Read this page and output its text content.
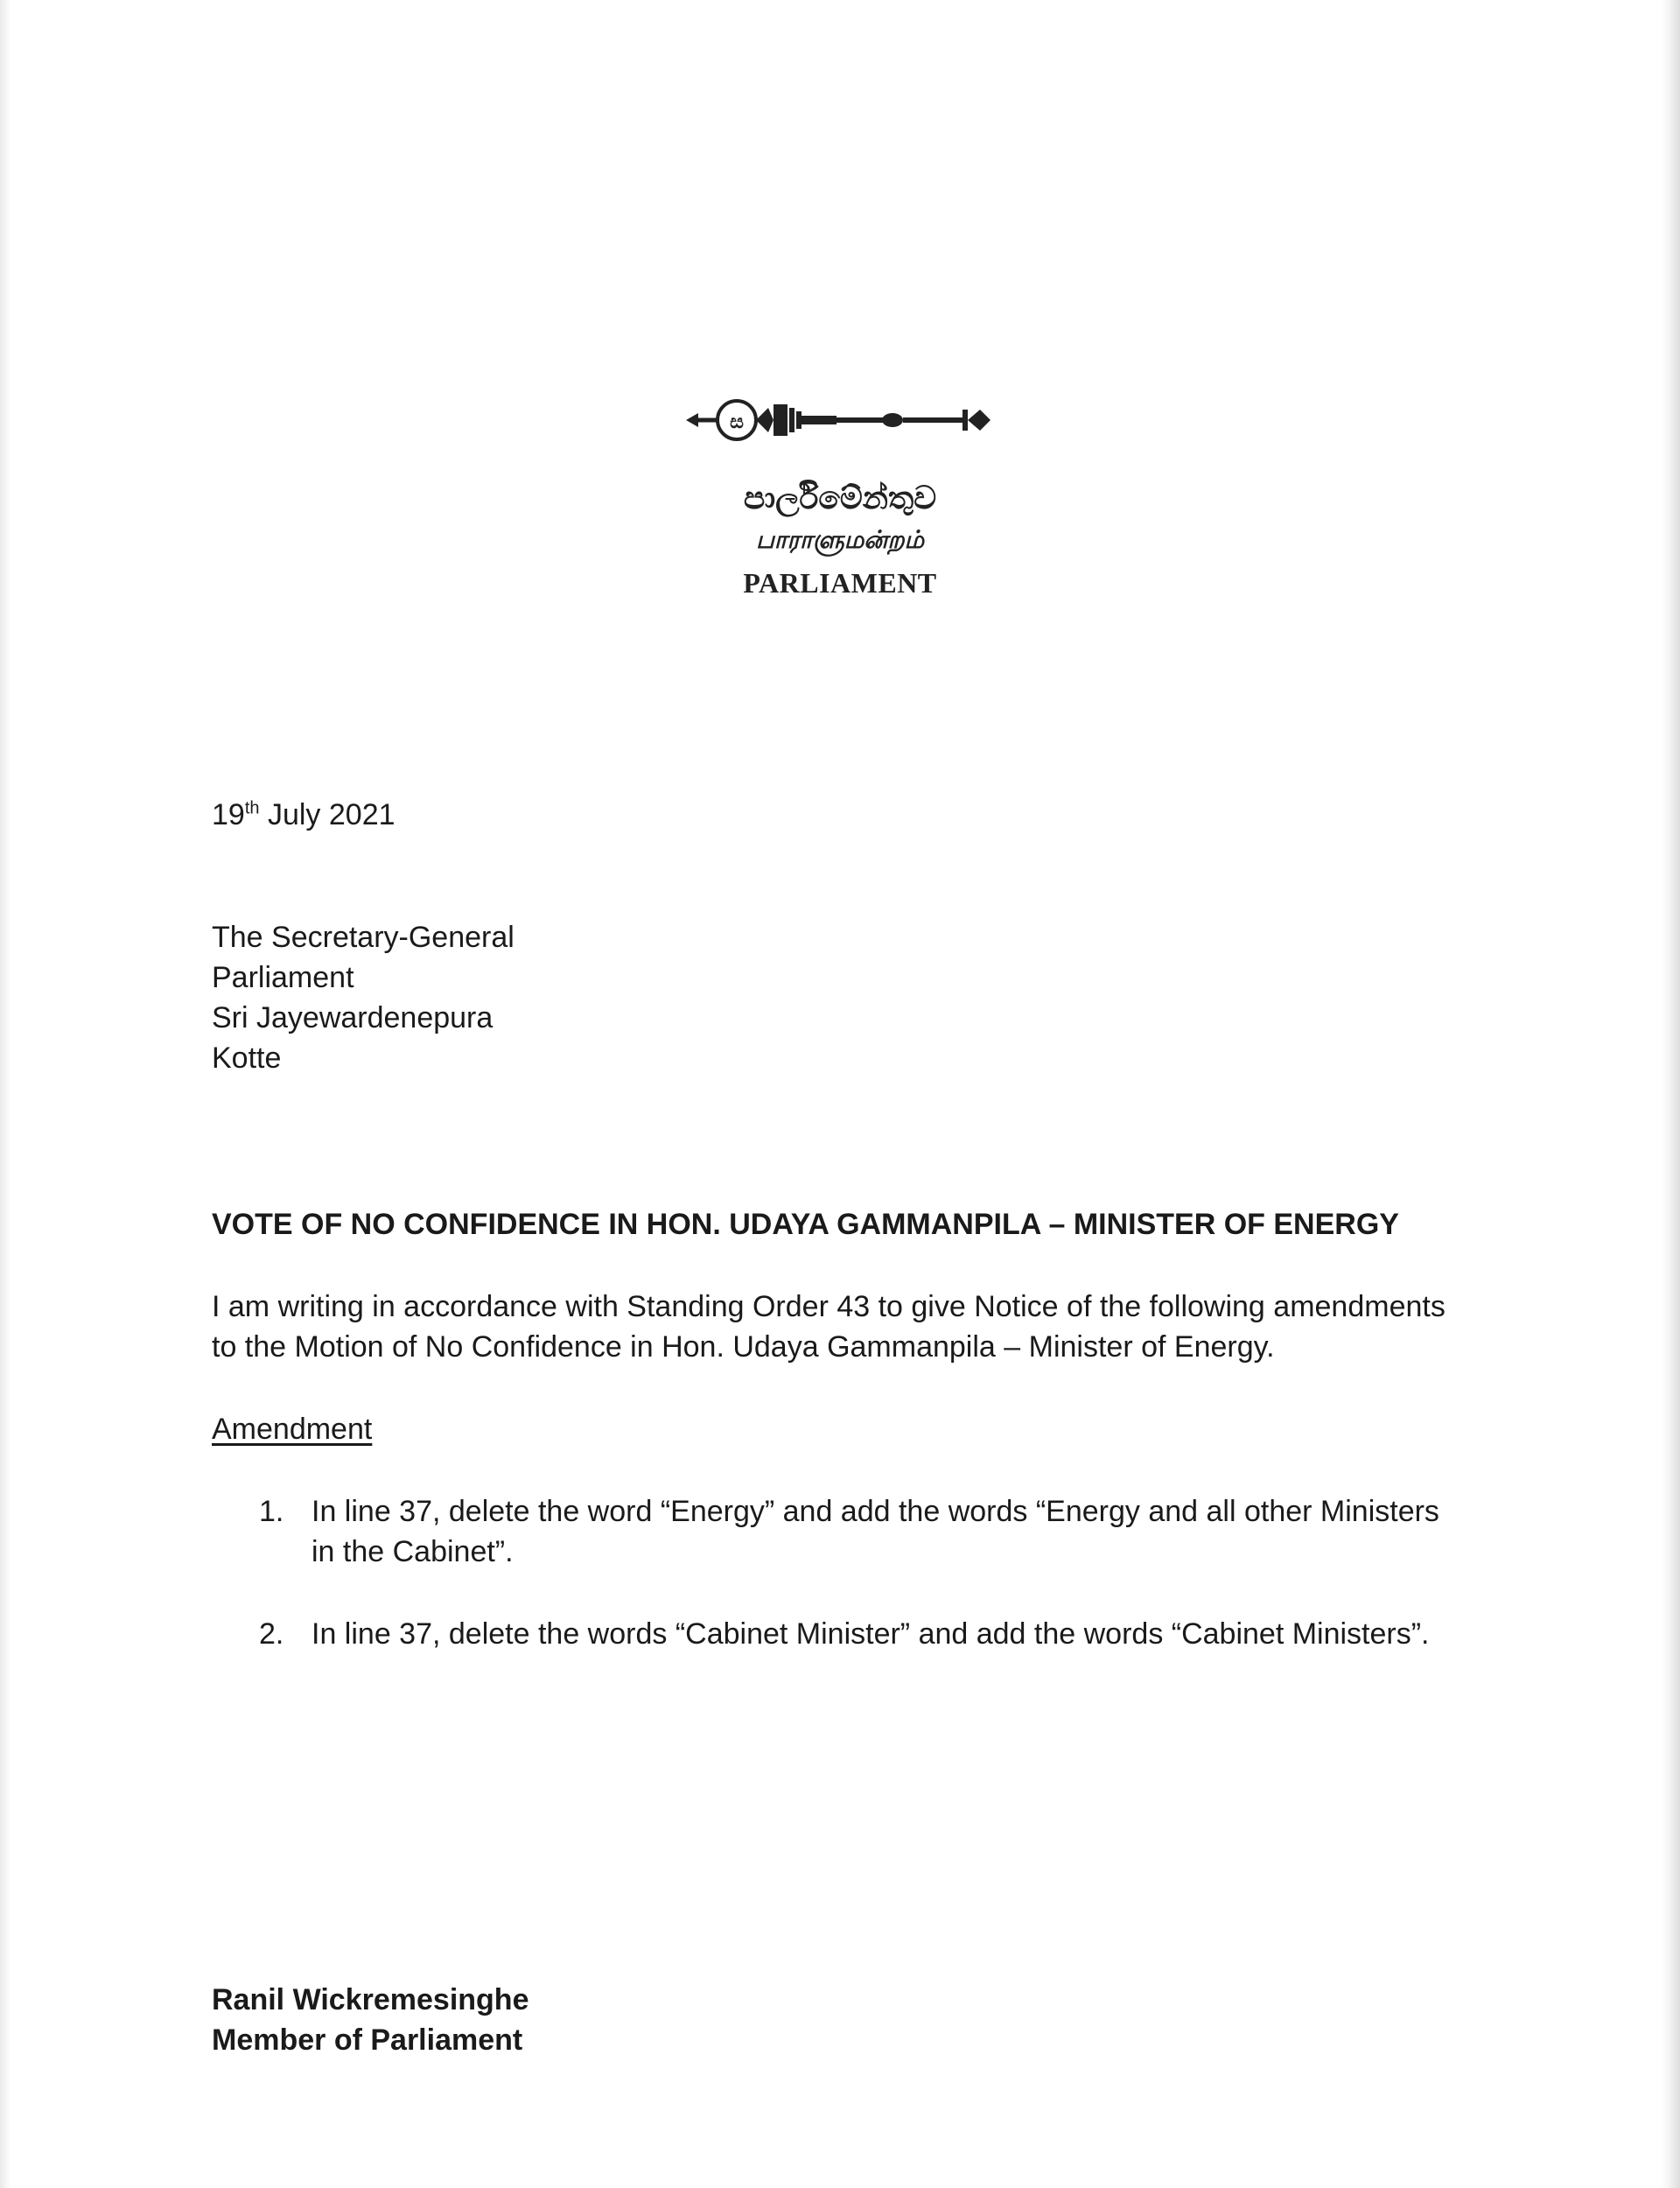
ස
පාර්ලිමේන්තුව
பாராளுமன்றம்
PARLIAMENT
19th July 2021
The Secretary-General
Parliament
Sri Jayewardenepura
Kotte
VOTE OF NO CONFIDENCE IN HON. UDAYA GAMMANPILA – MINISTER OF ENERGY
I am writing in accordance with Standing Order 43 to give Notice of the following amendments
to the Motion of No Confidence in Hon. Udaya Gammanpila – Minister of Energy.
Amendment
1. In line 37, delete the word “Energy” and add the words “Energy and all other Ministers
in the Cabinet”.
2. In line 37, delete the words “Cabinet Minister” and add the words “Cabinet Ministers”.
Ranil Wickremesinghe
Member of Parliament
